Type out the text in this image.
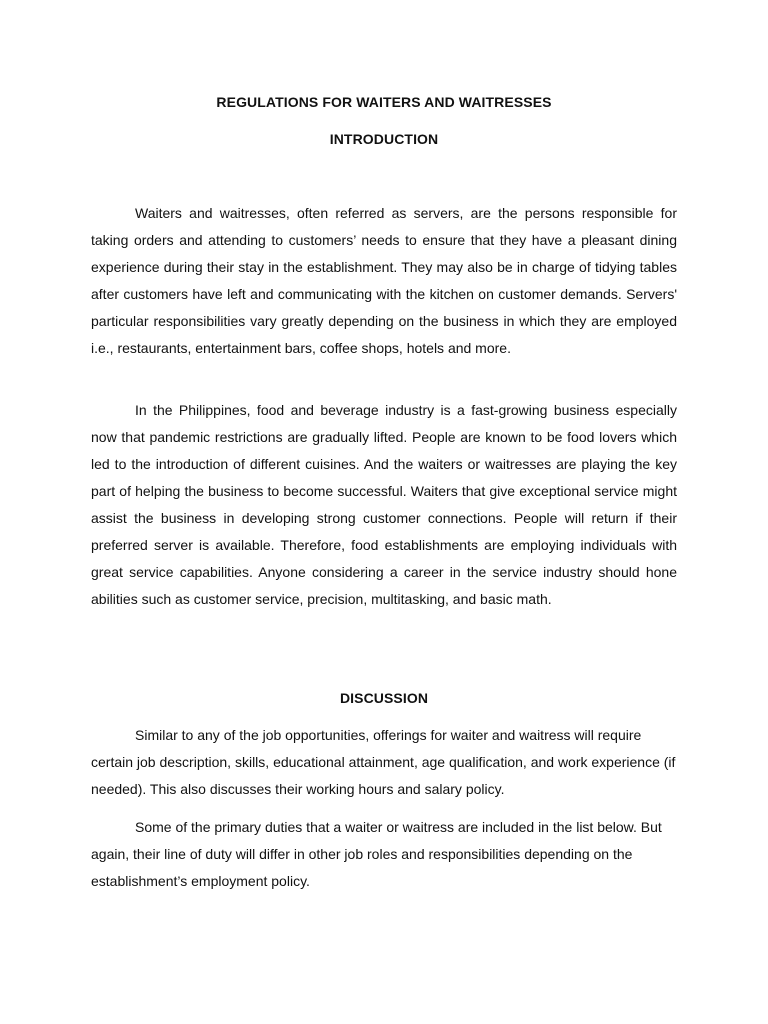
REGULATIONS FOR WAITERS AND WAITRESSES
INTRODUCTION

Waiters and waitresses, often referred as servers, are the persons responsible for taking orders and attending to customers’ needs to ensure that they have a pleasant dining experience during their stay in the establishment. They may also be in charge of tidying tables after customers have left and communicating with the kitchen on customer demands. Servers' particular responsibilities vary greatly depending on the business in which they are employed i.e., restaurants, entertainment bars, coffee shops, hotels and more.

In the Philippines, food and beverage industry is a fast-growing business especially now that pandemic restrictions are gradually lifted. People are known to be food lovers which led to the introduction of different cuisines. And the waiters or waitresses are playing the key part of helping the business to become successful. Waiters that give exceptional service might assist the business in developing strong customer connections. People will return if their preferred server is available. Therefore, food establishments are employing individuals with great service capabilities. Anyone considering a career in the service industry should hone abilities such as customer service, precision, multitasking, and basic math.

DISCUSSION

Similar to any of the job opportunities, offerings for waiter and waitress will require certain job description, skills, educational attainment, age qualification, and work experience (if needed). This also discusses their working hours and salary policy.

Some of the primary duties that a waiter or waitress are included in the list below. But again, their line of duty will differ in other job roles and responsibilities depending on the establishment’s employment policy.
